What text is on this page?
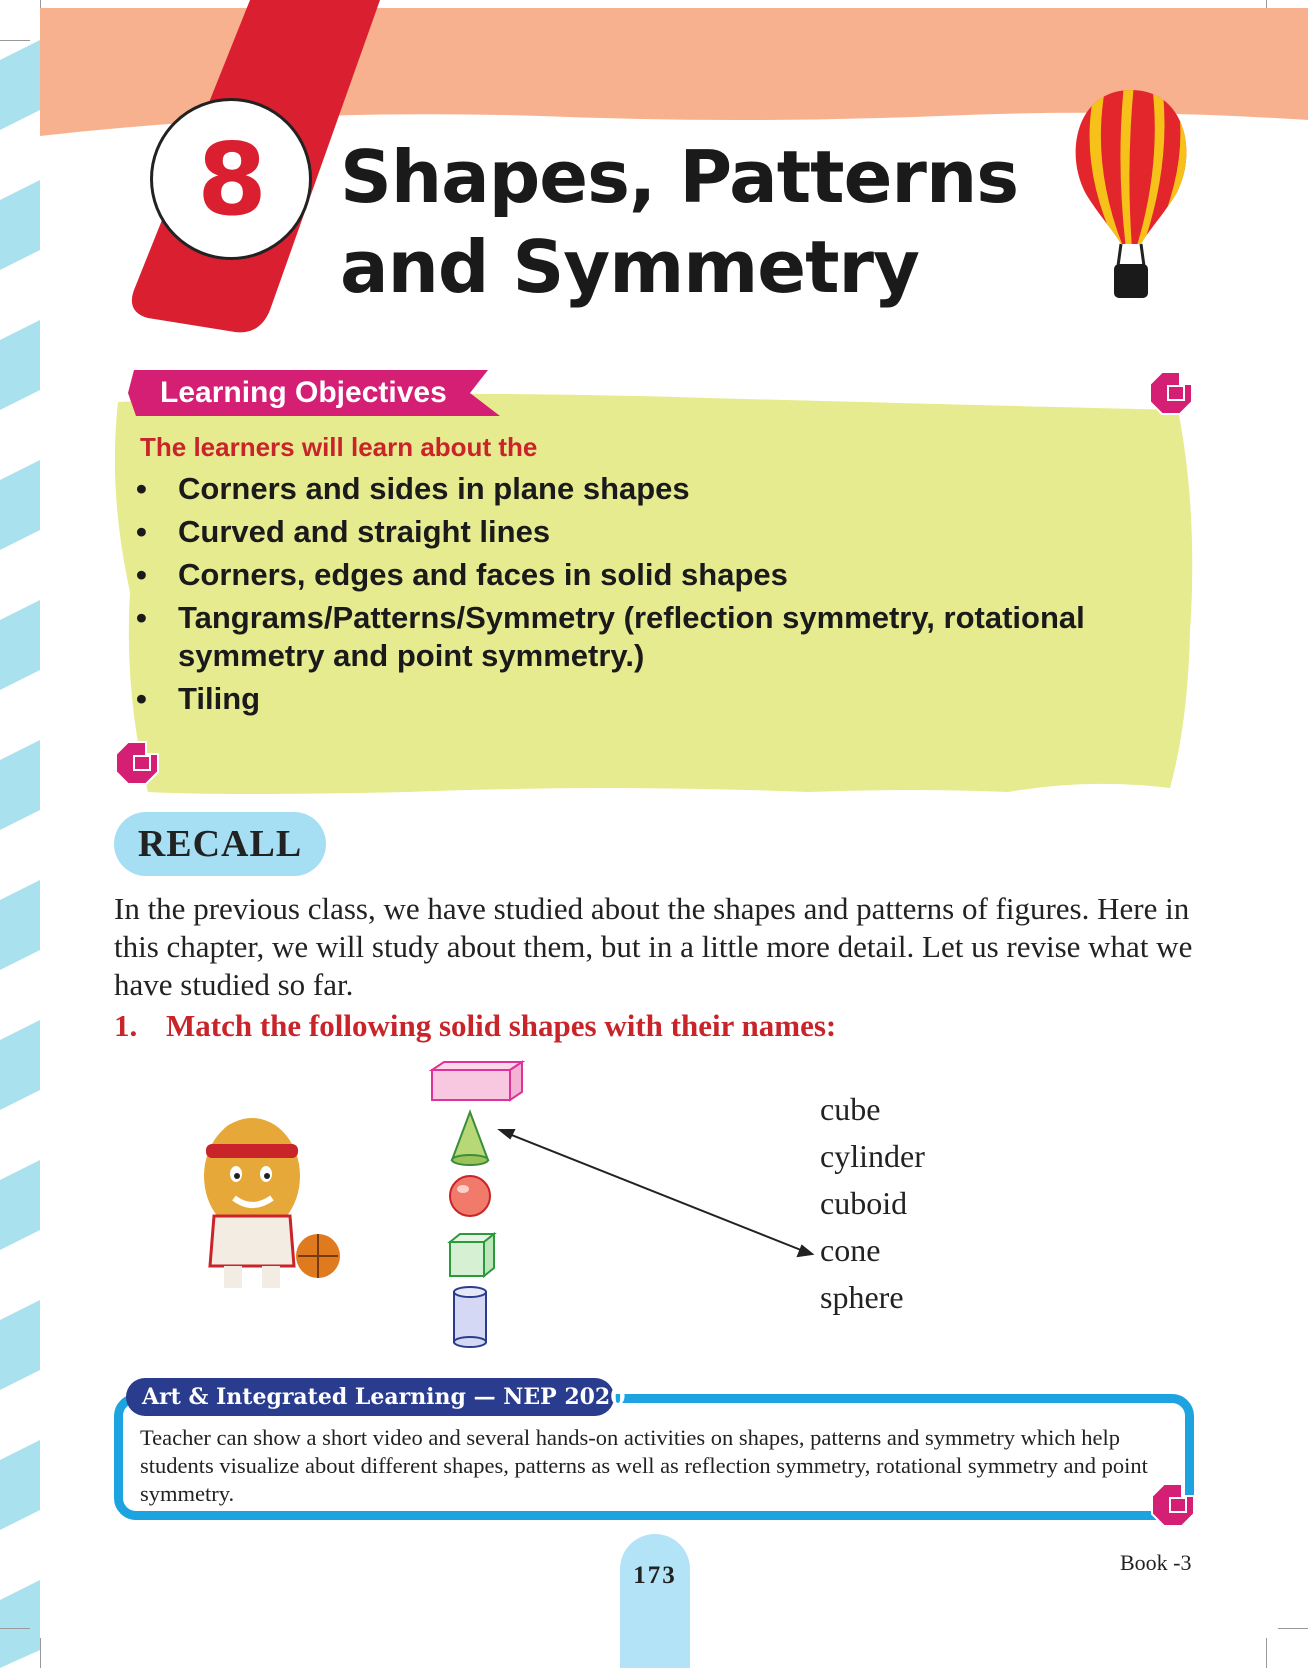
8	Shapes, Patterns
and Symmetry
Learning Objectives
The learners will learn about the
• Corners and sides in plane shapes
• Curved and straight lines
• Corners, edges and faces in solid shapes
• Tangrams/Patterns/Symmetry (reflection symmetry, rotational symmetry and point symmetry.)
• Tiling
RECALL
In the previous class, we have studied about the shapes and patterns of figures. Here in this chapter, we will study about them, but in a little more detail. Let us revise what we have studied so far.
1. Match the following solid shapes with their names:
cube
cylinder
cuboid
cone
sphere
Art & Integrated Learning — NEP 2020
Teacher can show a short video and several hands-on activities on shapes, patterns and symmetry which help students visualize about different shapes, patterns as well as reflection symmetry, rotational symmetry and point symmetry.
173	Book -3
